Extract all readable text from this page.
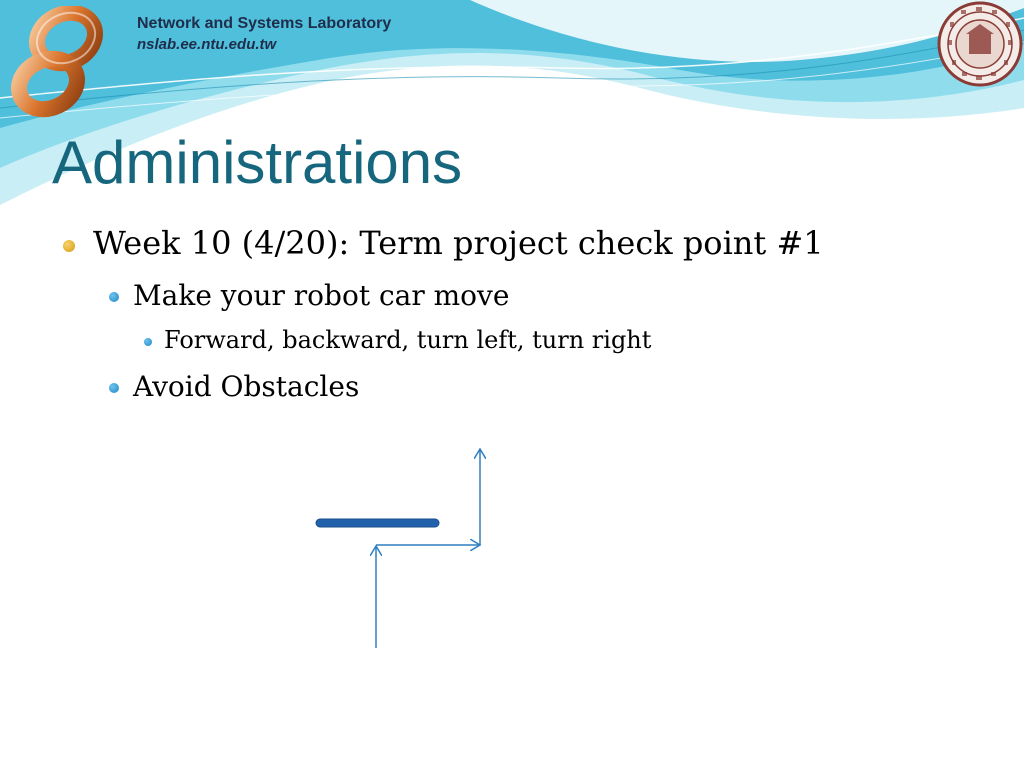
Network and Systems Laboratory

nslab.ee.ntu.edu.tw

Administrations

Week 10 (4/20): Term project check point #1

Make your robot car move

Forward, backward, turn left, turn right

Avoid Obstacles
